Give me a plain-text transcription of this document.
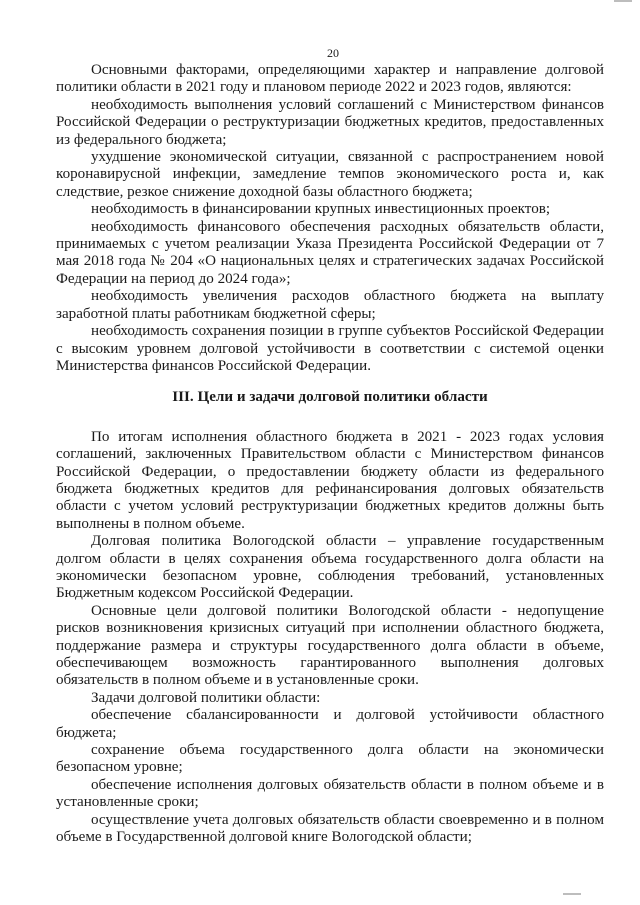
20

Основными факторами, определяющими характер и направление долговой политики области в 2021 году и плановом периоде 2022 и 2023 годов, являются:

необходимость выполнения условий соглашений с Министерством финансов Российской Федерации о реструктуризации бюджетных кредитов, предоставленных из федерального бюджета;

ухудшение экономической ситуации, связанной с распространением новой коронавирусной инфекции, замедление темпов экономического роста и, как следствие, резкое снижение доходной базы областного бюджета;

необходимость в финансировании крупных инвестиционных проектов;

необходимость финансового обеспечения расходных обязательств области, принимаемых с учетом реализации Указа Президента Российской Федерации от 7 мая 2018 года № 204 «О национальных целях и стратегических задачах Российской Федерации на период до 2024 года»;

необходимость увеличения расходов областного бюджета на выплату заработной платы работникам бюджетной сферы;

необходимость сохранения позиции в группе субъектов Российской Федерации с высоким уровнем долговой устойчивости в соответствии с системой оценки Министерства финансов Российской Федерации.

III. Цели и задачи долговой политики области

По итогам исполнения областного бюджета в 2021 - 2023 годах условия соглашений, заключенных Правительством области с Министерством финансов Российской Федерации, о предоставлении бюджету области из федерального бюджета бюджетных кредитов для рефинансирования долговых обязательств области с учетом условий реструктуризации бюджетных кредитов должны быть выполнены в полном объеме.

Долговая политика Вологодской области – управление государственным долгом области в целях сохранения объема государственного долга области на экономически безопасном уровне, соблюдения требований, установленных Бюджетным кодексом Российской Федерации.

Основные цели долговой политики Вологодской области - недопущение рисков возникновения кризисных ситуаций при исполнении областного бюджета, поддержание размера и структуры государственного долга области в объеме, обеспечивающем возможность гарантированного выполнения долговых обязательств в полном объеме и в установленные сроки.

Задачи долговой политики области:

обеспечение сбалансированности и долговой устойчивости областного бюджета;

сохранение объема государственного долга области на экономически безопасном уровне;

обеспечение исполнения долговых обязательств области в полном объеме и в установленные сроки;

осуществление учета долговых обязательств области своевременно и в полном объеме в Государственной долговой книге Вологодской области;
